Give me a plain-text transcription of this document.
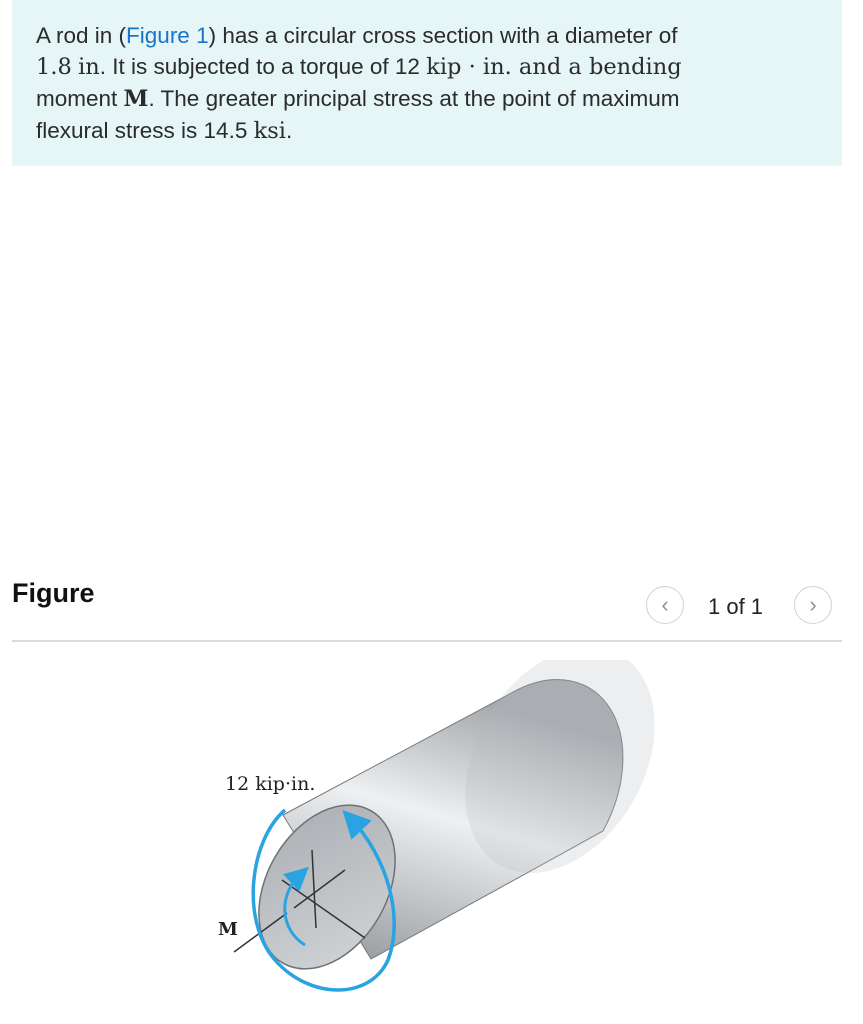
A rod in (Figure 1) has a circular cross section with a diameter of
1.8 in. It is subjected to a torque of 12 kip · in. and a bending
moment M. The greater principal stress at the point of maximum
flexural stress is 14.5 ksi.

Figure	‹ 1 of 1 ›
12 kip·in.
M
